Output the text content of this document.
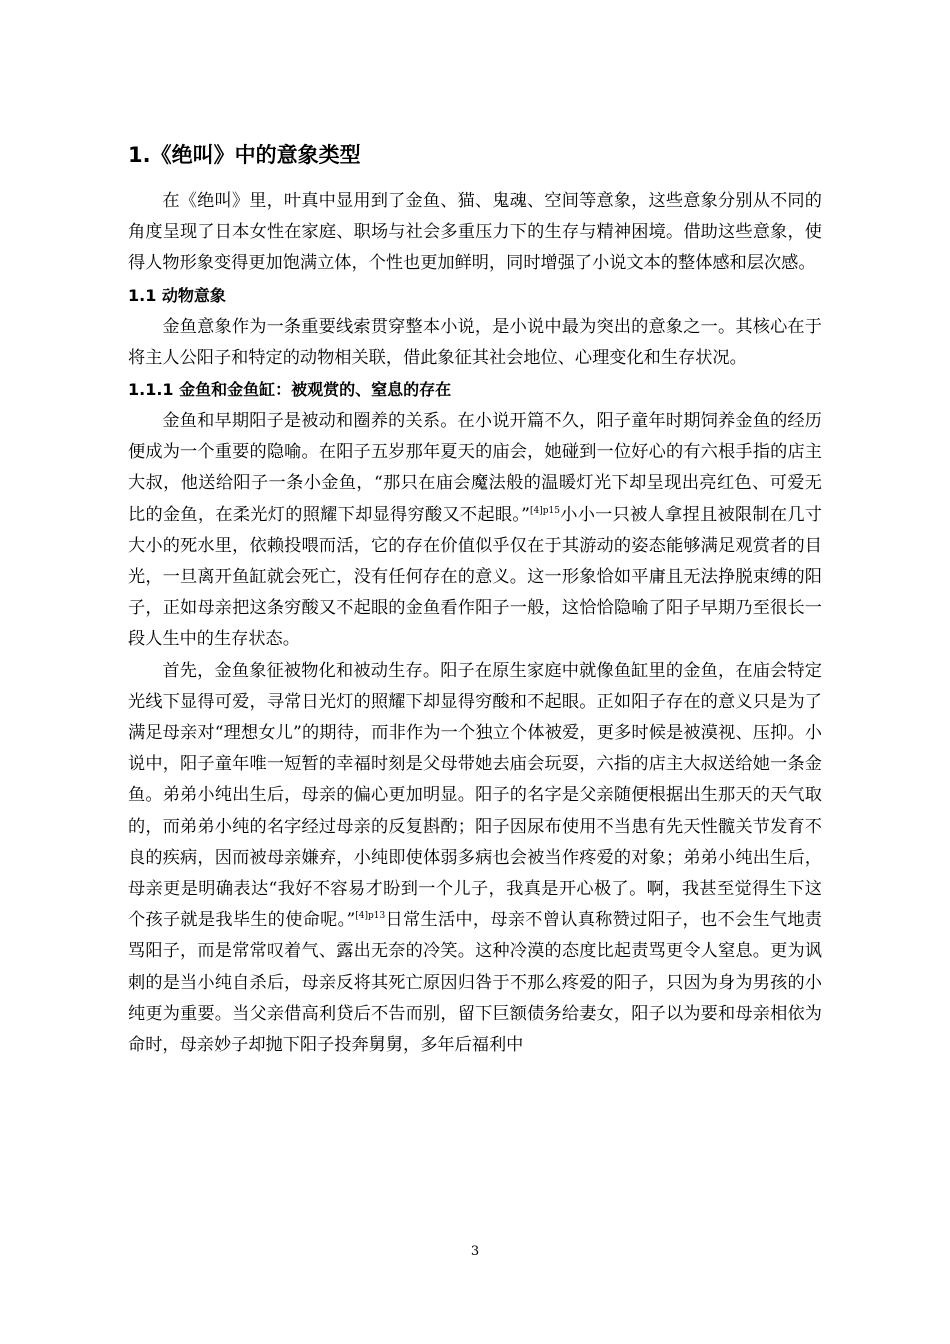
1.《绝叫》中的意象类型

在《绝叫》里，叶真中显用到了金鱼、猫、鬼魂、空间等意象，这些意象分别从不同的角度呈现了日本女性在家庭、职场与社会多重压力下的生存与精神困境。借助这些意象，使得人物形象变得更加饱满立体，个性也更加鲜明，同时增强了小说文本的整体感和层次感。

1.1 动物意象

金鱼意象作为一条重要线索贯穿整本小说，是小说中最为突出的意象之一。其核心在于将主人公阳子和特定的动物相关联，借此象征其社会地位、心理变化和生存状况。

1.1.1 金鱼和金鱼缸：被观赏的、窒息的存在

金鱼和早期阳子是被动和圈养的关系。在小说开篇不久，阳子童年时期饲养金鱼的经历便成为一个重要的隐喻。在阳子五岁那年夏天的庙会，她碰到一位好心的有六根手指的店主大叔，他送给阳子一条小金鱼，“那只在庙会魔法般的温暖灯光下却呈现出亮红色、可爱无比的金鱼，在柔光灯的照耀下却显得穷酸又不起眼。”$^{[4]p15}$小小一只被人拿捏且被限制在几寸大小的死水里，依赖投喂而活，它的存在价值似乎仅在于其游动的姿态能够满足观赏者的目光，一旦离开鱼缸就会死亡，没有任何存在的意义。这一形象恰如平庸且无法挣脱束缚的阳子，正如母亲把这条穷酸又不起眼的金鱼看作阳子一般，这恰恰隐喻了阳子早期乃至很长一段人生中的生存状态。

首先，金鱼象征被物化和被动生存。阳子在原生家庭中就像鱼缸里的金鱼，在庙会特定光线下显得可爱，寻常日光灯的照耀下却显得穷酸和不起眼。正如阳子存在的意义只是为了满足母亲对“理想女儿”的期待，而非作为一个独立个体被爱，更多时候是被漠视、压抑。小说中，阳子童年唯一短暂的幸福时刻是父母带她去庙会玩耍，六指的店主大叔送给她一条金鱼。弟弟小纯出生后，母亲的偏心更加明显。阳子的名字是父亲随便根据出生那天的天气取的，而弟弟小纯的名字经过母亲的反复斟酌；阳子因尿布使用不当患有先天性髋关节发育不良的疾病，因而被母亲嫌弃，小纯即使体弱多病也会被当作疼爱的对象；弟弟小纯出生后，母亲更是明确表达“我好不容易才盼到一个儿子，我真是开心极了。啊，我甚至觉得生下这个孩子就是我毕生的使命呢。”$^{[4]p13}$日常生活中，母亲不曾认真称赞过阳子，也不会生气地责骂阳子，而是常常叹着气、露出无奈的冷笑。这种冷漠的态度比起责骂更令人窒息。更为讽刺的是当小纯自杀后，母亲反将其死亡原因归咎于不那么疼爱的阳子，只因为身为男孩的小纯更为重要。当父亲借高利贷后不告而别，留下巨额债务给妻女，阳子以为要和母亲相依为命时，母亲妙子却抛下阳子投奔舅舅，多年后福利中

3
